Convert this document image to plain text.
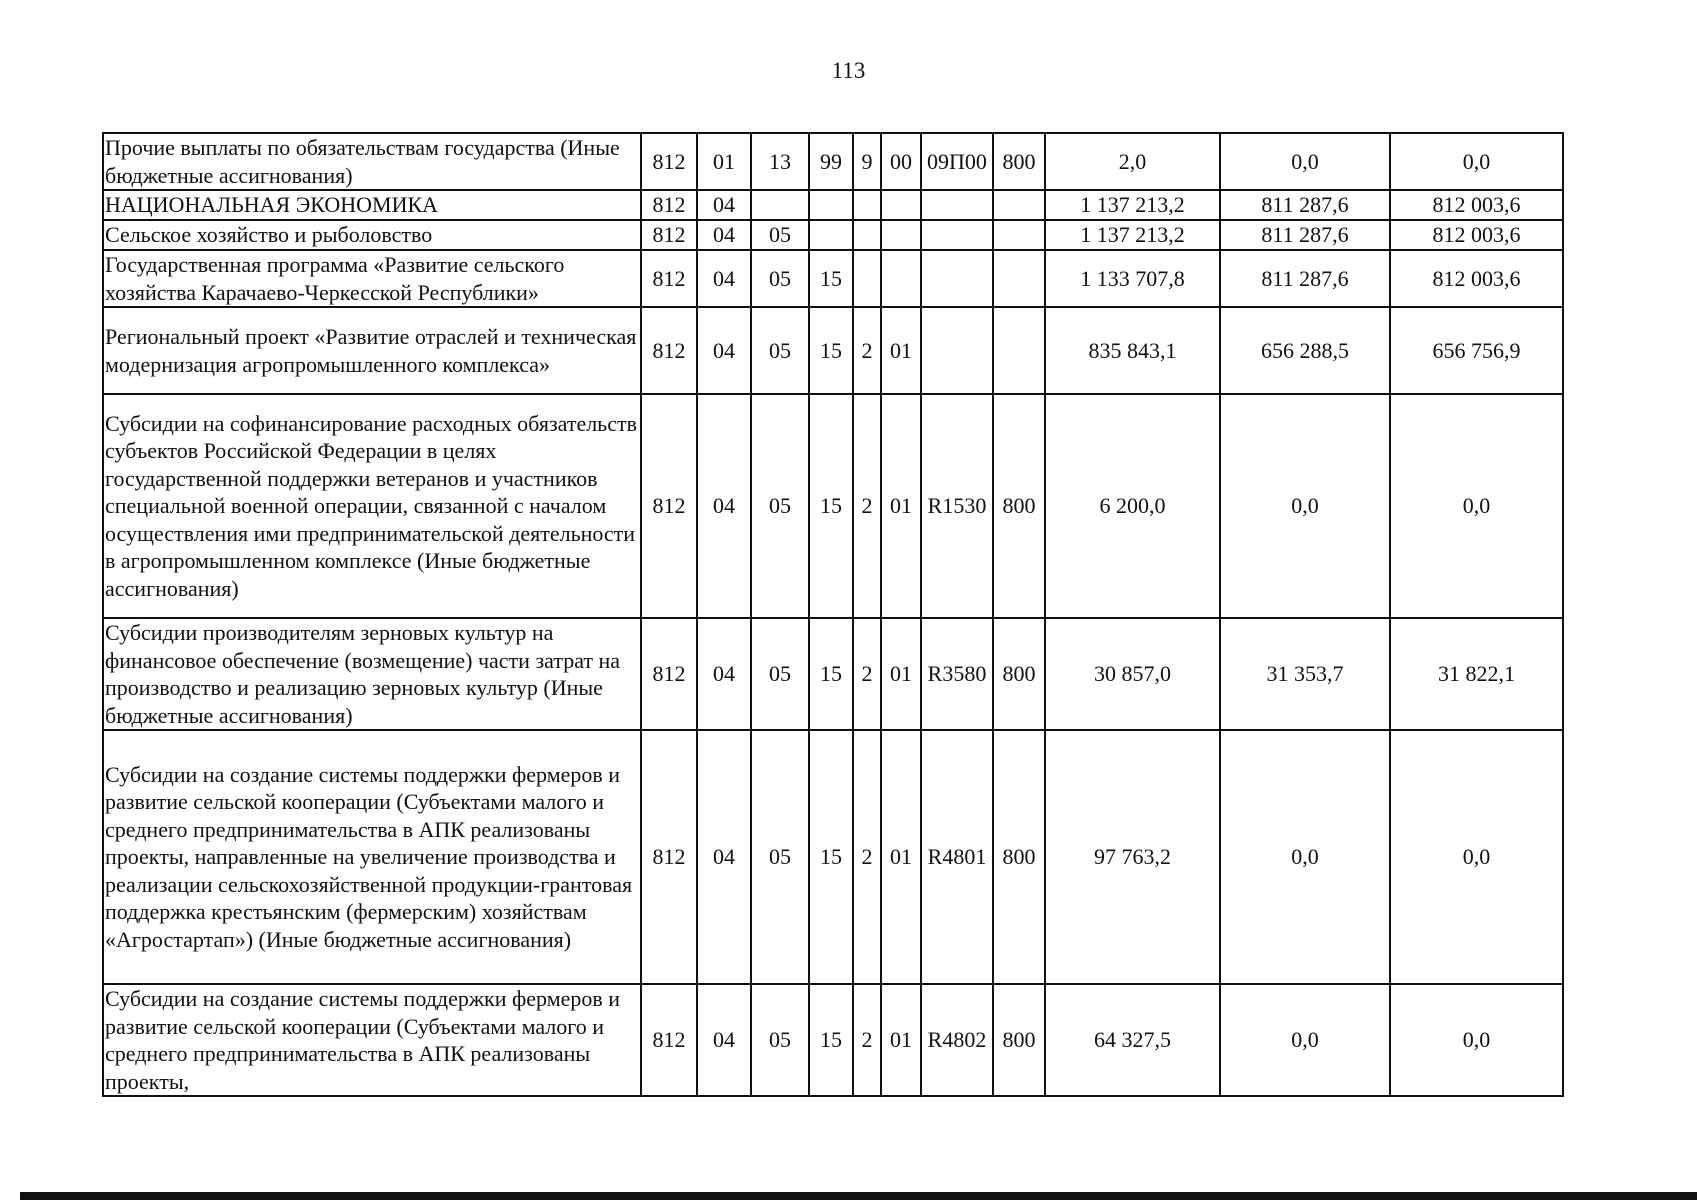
113
Прочие выплаты по обязательствам государства (Иные бюджетные ассигнования)	812	01	13	99	9	00	09П00	800	2,0	0,0	0,0
НАЦИОНАЛЬНАЯ ЭКОНОМИКА	812	04							1 137 213,2	811 287,6	812 003,6
Сельское хозяйство и рыболовство	812	04	05						1 137 213,2	811 287,6	812 003,6
Государственная программа «Развитие сельского хозяйства Карачаево-Черкесской Республики»	812	04	05	15					1 133 707,8	811 287,6	812 003,6
Региональный проект «Развитие отраслей и техническая модернизация агропромышленного комплекса»	812	04	05	15	2	01			835 843,1	656 288,5	656 756,9
Субсидии на софинансирование расходных обязательств субъектов Российской Федерации в целях государственной поддержки ветеранов и участников специальной военной операции, связанной с началом осуществления ими предпринимательской деятельности в агропромышленном комплексе (Иные бюджетные ассигнования)	812	04	05	15	2	01	R1530	800	6 200,0	0,0	0,0
Субсидии производителям зерновых культур на финансовое обеспечение (возмещение) части затрат на производство и реализацию зерновых культур (Иные бюджетные ассигнования)	812	04	05	15	2	01	R3580	800	30 857,0	31 353,7	31 822,1
Субсидии на создание системы поддержки фермеров и развитие сельской кооперации (Субъектами малого и среднего предпринимательства в АПК реализованы проекты, направленные на увеличение производства и реализации сельскохозяйственной продукции-грантовая поддержка крестьянским (фермерским) хозяйствам «Агростартап») (Иные бюджетные ассигнования)	812	04	05	15	2	01	R4801	800	97 763,2	0,0	0,0
Субсидии на создание системы поддержки фермеров и развитие сельской кооперации (Субъектами малого и среднего предпринимательства в АПК реализованы проекты,	812	04	05	15	2	01	R4802	800	64 327,5	0,0	0,0
